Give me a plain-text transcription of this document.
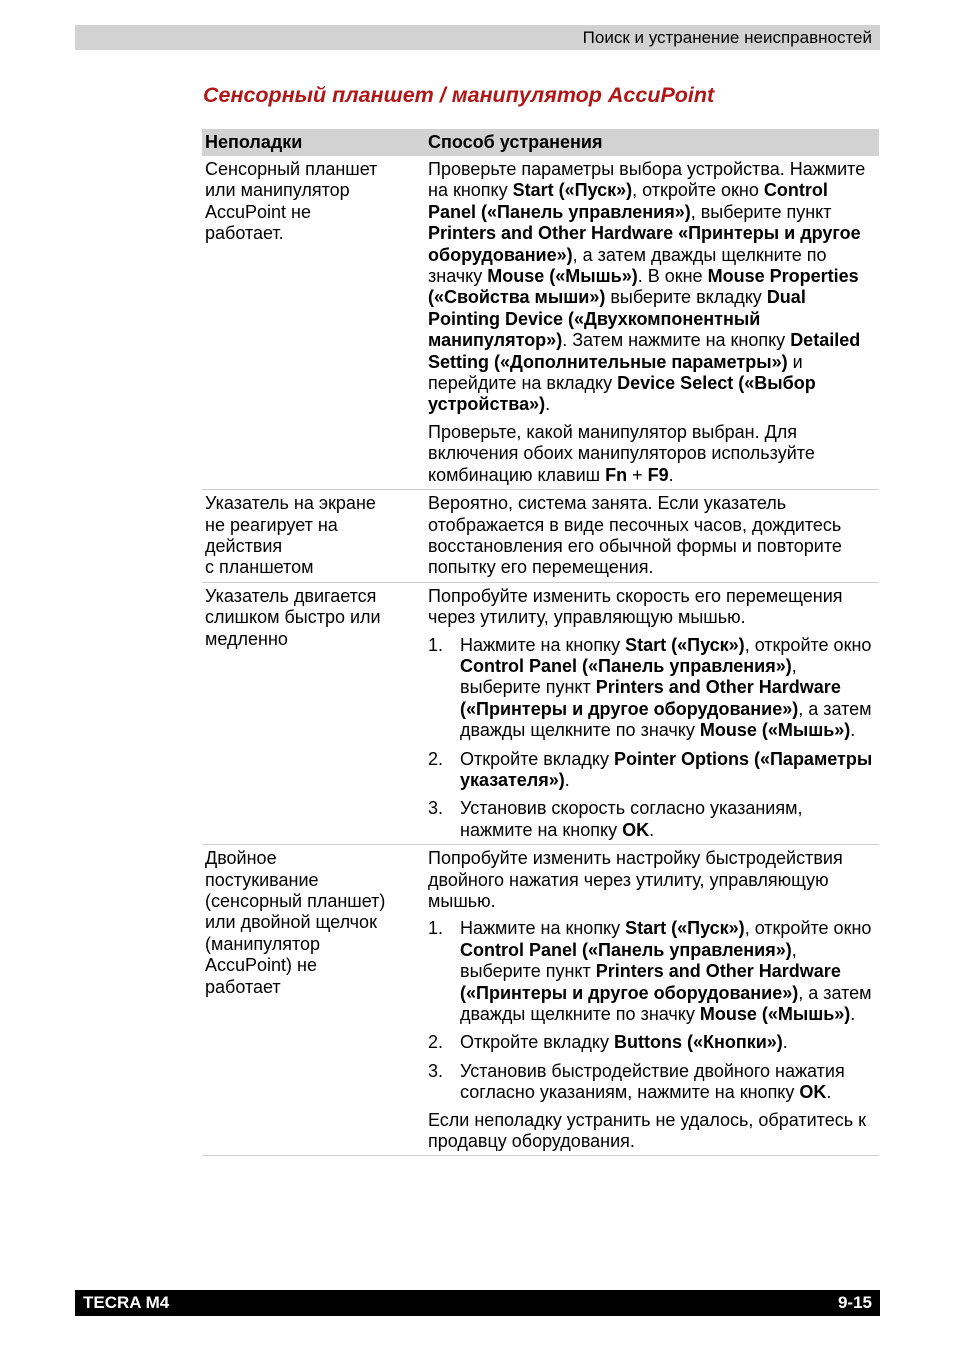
Поиск и устранение неисправностей
Сенсорный планшет / манипулятор AccuPoint
Неполадки	Способ устранения
Сенсорный планшет
или манипулятор
AccuPoint не
работает.

Проверьте параметры выбора устройства. Нажмите на кнопку Start («Пуск»), откройте окно Control Panel («Панель управления»), выберите пункт Printers and Other Hardware «Принтеры и другое оборудование»), а затем дважды щелкните по значку Mouse («Мышь»). В окне Mouse Properties («Свойства мыши») выберите вкладку Dual Pointing Device («Двухкомпонентный манипулятор»). Затем нажмите на кнопку Detailed Setting («Дополнительные параметры») и перейдите на вкладку Device Select («Выбор устройства»).

Проверьте, какой манипулятор выбран. Для включения обоих манипуляторов используйте комбинацию клавиш Fn + F9.

Указатель на экране
не реагирует на
действия
с планшетом

Вероятно, система занята. Если указатель отображается в виде песочных часов, дождитесь восстановления его обычной формы и повторите попытку его перемещения.

Указатель двигается
слишком быстро или
медленно

Попробуйте изменить скорость его перемещения через утилиту, управляющую мышью.

1. Нажмите на кнопку Start («Пуск»), откройте окно Control Panel («Панель управления»), выберите пункт Printers and Other Hardware («Принтеры и другое оборудование»), а затем дважды щелкните по значку Mouse («Мышь»).
2. Откройте вкладку Pointer Options («Параметры указателя»).
3. Установив скорость согласно указаниям, нажмите на кнопку OK.
Двойное
постукивание
(сенсорный планшет)
или двойной щелчок
(манипулятор
AccuPoint) не
работает

Попробуйте изменить настройку быстродействия двойного нажатия через утилиту, управляющую мышью.

1. Нажмите на кнопку Start («Пуск»), откройте окно Control Panel («Панель управления»), выберите пункт Printers and Other Hardware («Принтеры и другое оборудование»), а затем дважды щелкните по значку Mouse («Мышь»).
2. Откройте вкладку Buttons («Кнопки»).
3. Установив быстродействие двойного нажатия согласно указаниям, нажмите на кнопку OK.

Если неполадку устранить не удалось, обратитесь к продавцу оборудования.

TECRA M4	9-15
